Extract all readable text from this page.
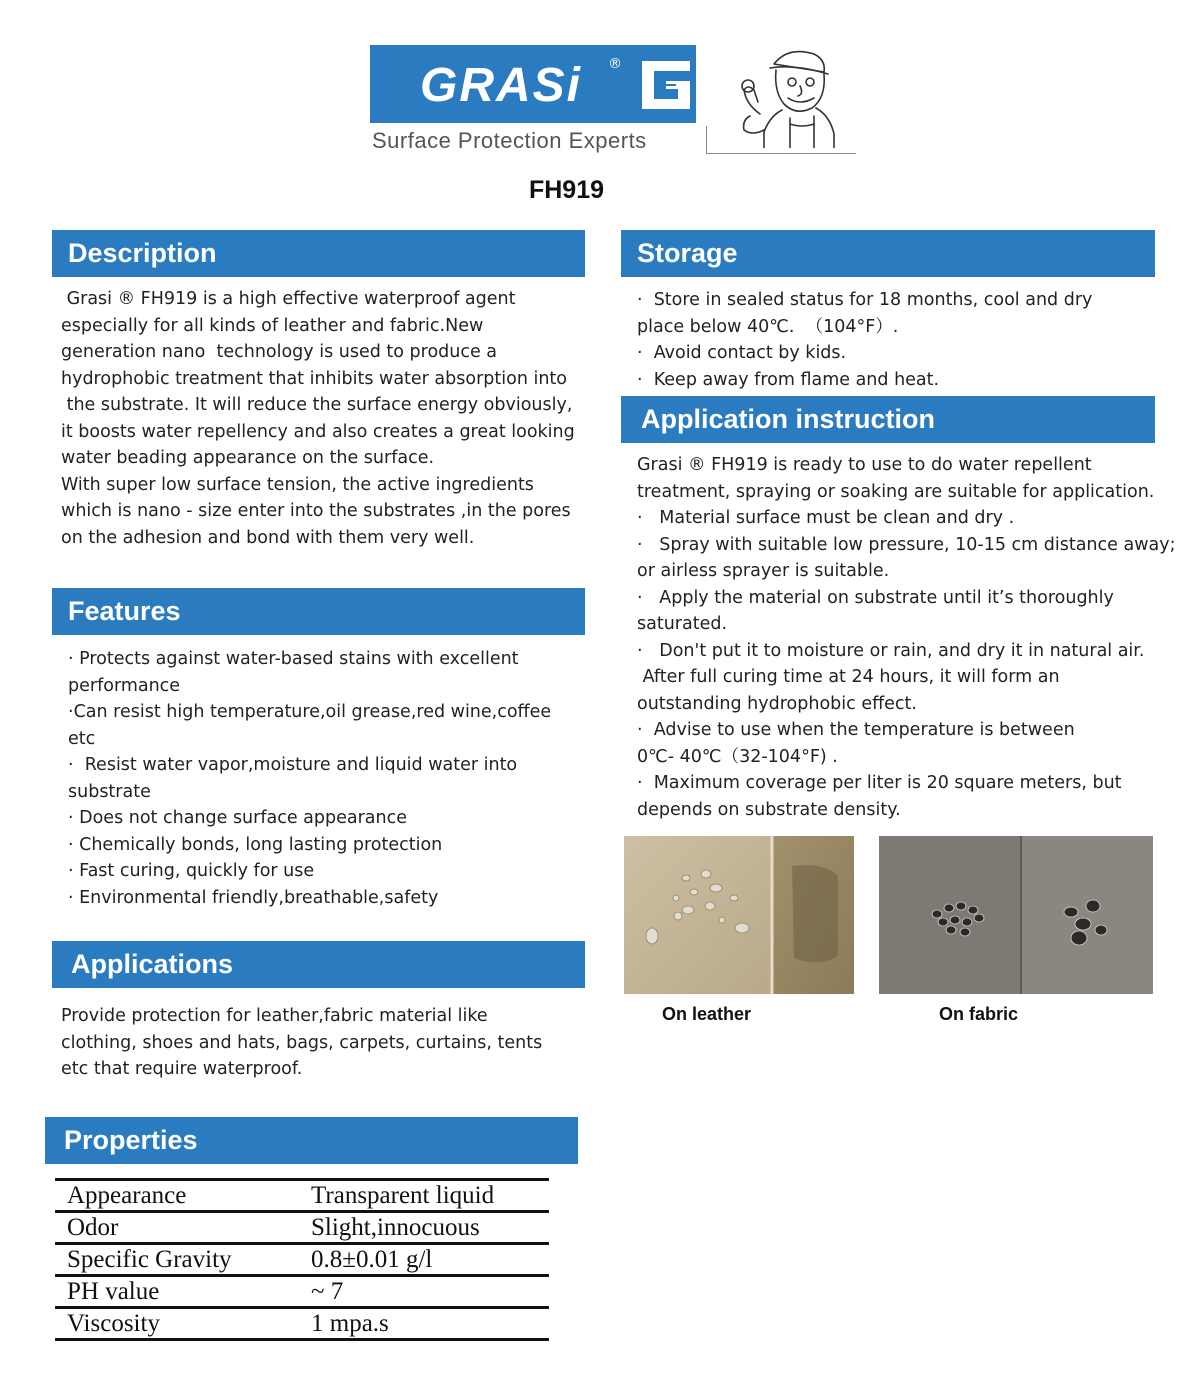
GRASi ®
Surface Protection Experts
FH919
Description

Grasi ® FH919 is a high effective waterproof agent

especially for all kinds of leather and fabric.New

generation nano  technology is used to produce a

hydrophobic treatment that inhibits water absorption into

the substrate. It will reduce the surface energy obviously,

it boosts water repellency and also creates a great looking

water beading appearance on the surface.

With super low surface tension, the active ingredients

which is nano - size enter into the substrates ,in the pores

on the adhesion and bond with them very well.

Features

· Protects against water-based stains with excellent

performance

·Can resist high temperature,oil grease,red wine,coffee

etc

·  Resist water vapor,moisture and liquid water into

substrate

· Does not change surface appearance

· Chemically bonds, long lasting protection

· Fast curing, quickly for use

· Environmental friendly,breathable,safety

Applications

Provide protection for leather,fabric material like

clothing, shoes and hats, bags, carpets, curtains, tents

etc that require waterproof.

Properties
Appearance	Transparent liquid
Odor	Slight,innocuous
Specific Gravity	0.8±0.01 g/l
PH value	~ 7
Viscosity	1 mpa.s
Storage

·  Store in sealed status for 18 months, cool and dry

place below 40℃.  （104°F）.

·  Avoid contact by kids.

·  Keep away from flame and heat.

Application instruction

Grasi ® FH919 is ready to use to do water repellent

treatment, spraying or soaking are suitable for application.

·   Material surface must be clean and dry .

·   Spray with suitable low pressure, 10-15 cm distance away;

or airless sprayer is suitable.

·   Apply the material on substrate until it’s thoroughly

saturated.

·   Don't put it to moisture or rain, and dry it in natural air.

After full curing time at 24 hours, it will form an

outstanding hydrophobic effect.

·  Advise to use when the temperature is between

0℃- 40℃（32-104°F) .

·  Maximum coverage per liter is 20 square meters, but

depends on substrate density.

On leather	On fabric
